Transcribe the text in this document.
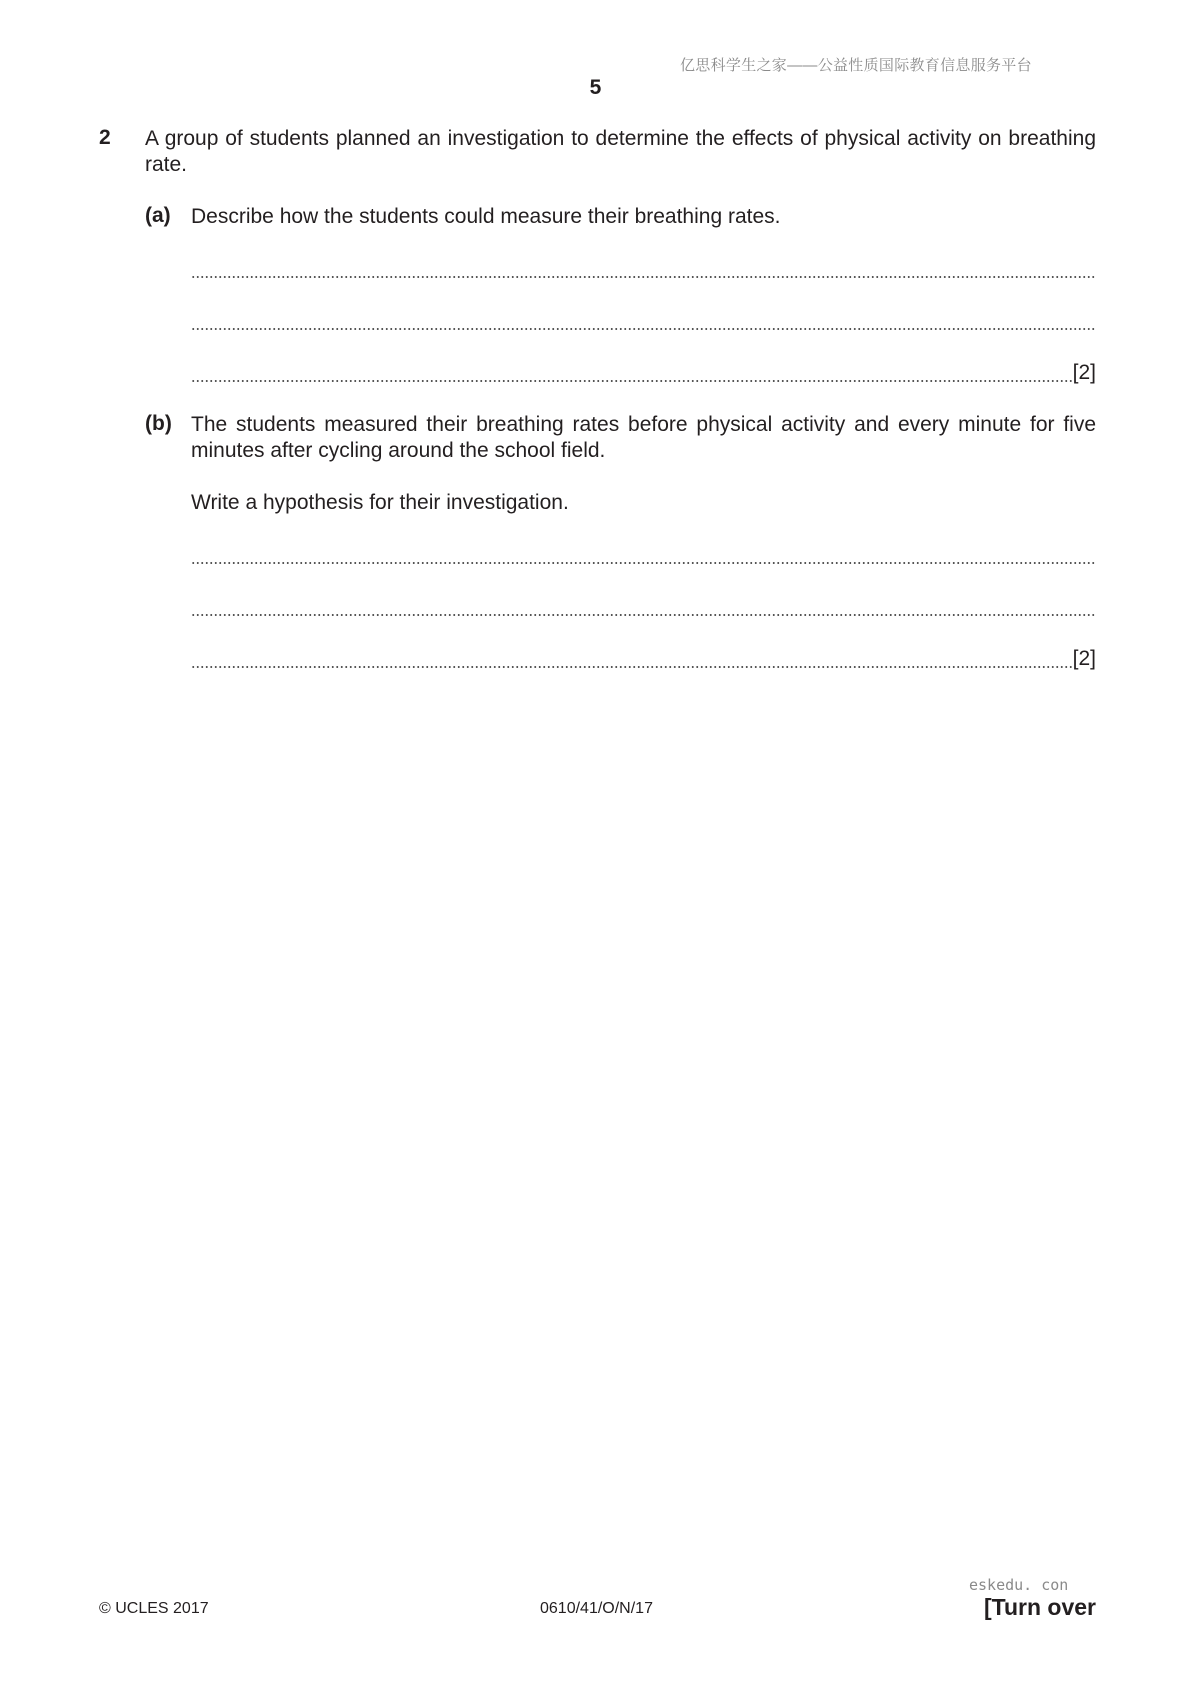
亿思科学生之家——公益性质国际教育信息服务平台
5
2 A group of students planned an investigation to determine the effects of physical activity on breathing rate.
(a) Describe how the students could measure their breathing rates.
[2]
(b) The students measured their breathing rates before physical activity and every minute for five minutes after cycling around the school field.
Write a hypothesis for their investigation.
[2]
eskedu. con
© UCLES 2017	0610/41/O/N/17	[Turn over
